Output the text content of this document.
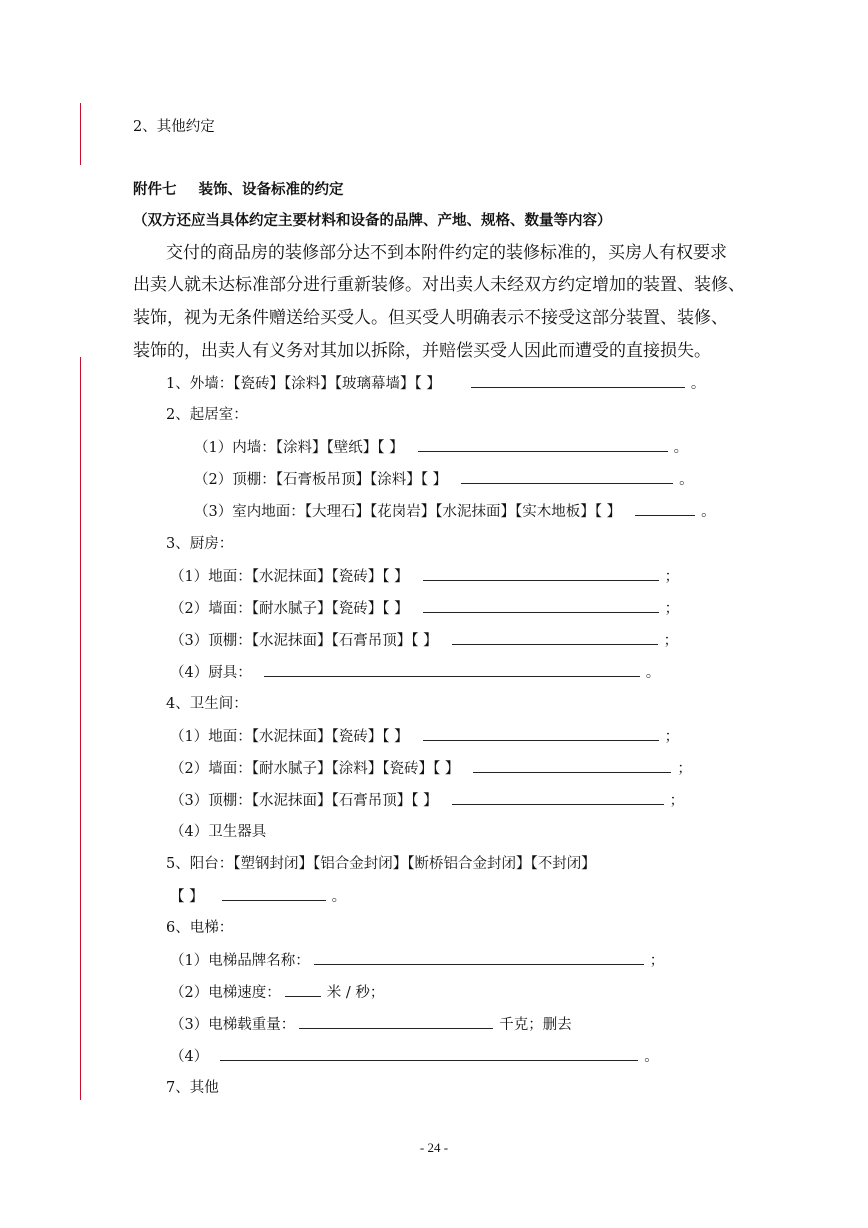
2、其他约定
附件七 装饰、设备标准的约定
（双方还应当具体约定主要材料和设备的品牌、产地、规格、数量等内容）
交付的商品房的装修部分达不到本附件约定的装修标准的，买房人有权要求
出卖人就未达标准部分进行重新装修。对出卖人未经双方约定增加的装置、装修、
装饰，视为无条件赠送给买受人。但买受人明确表示不接受这部分装置、装修、
装饰的，出卖人有义务对其加以拆除，并赔偿买受人因此而遭受的直接损失。
1、外墙：【瓷砖】【涂料】【玻璃幕墙】【 】	。
2、起居室：
（1）内墙：【涂料】【壁纸】【 】	。
（2）顶棚：【石膏板吊顶】【涂料】【 】	。
（3）室内地面：【大理石】【花岗岩】【水泥抹面】【实木地板】【 】	。
3、厨房：
（1）地面：【水泥抹面】【瓷砖】【 】	；
（2）墙面：【耐水腻子】【瓷砖】【 】	；
（3）顶棚：【水泥抹面】【石膏吊顶】【 】	；
（4）厨具：	。
4、卫生间：
（1）地面：【水泥抹面】【瓷砖】【 】	；
（2）墙面：【耐水腻子】【涂料】【瓷砖】【 】	；
（3）顶棚：【水泥抹面】【石膏吊顶】【 】	；
（4）卫生器具
5、阳台：【塑钢封闭】【铝合金封闭】【断桥铝合金封闭】【不封闭】
【 】	。
6、电梯：
（1）电梯品牌名称：	；
（2）电梯速度：	米 / 秒；
（3）电梯载重量：	千克；删去
（4）	。
7、其他
- 24 -
